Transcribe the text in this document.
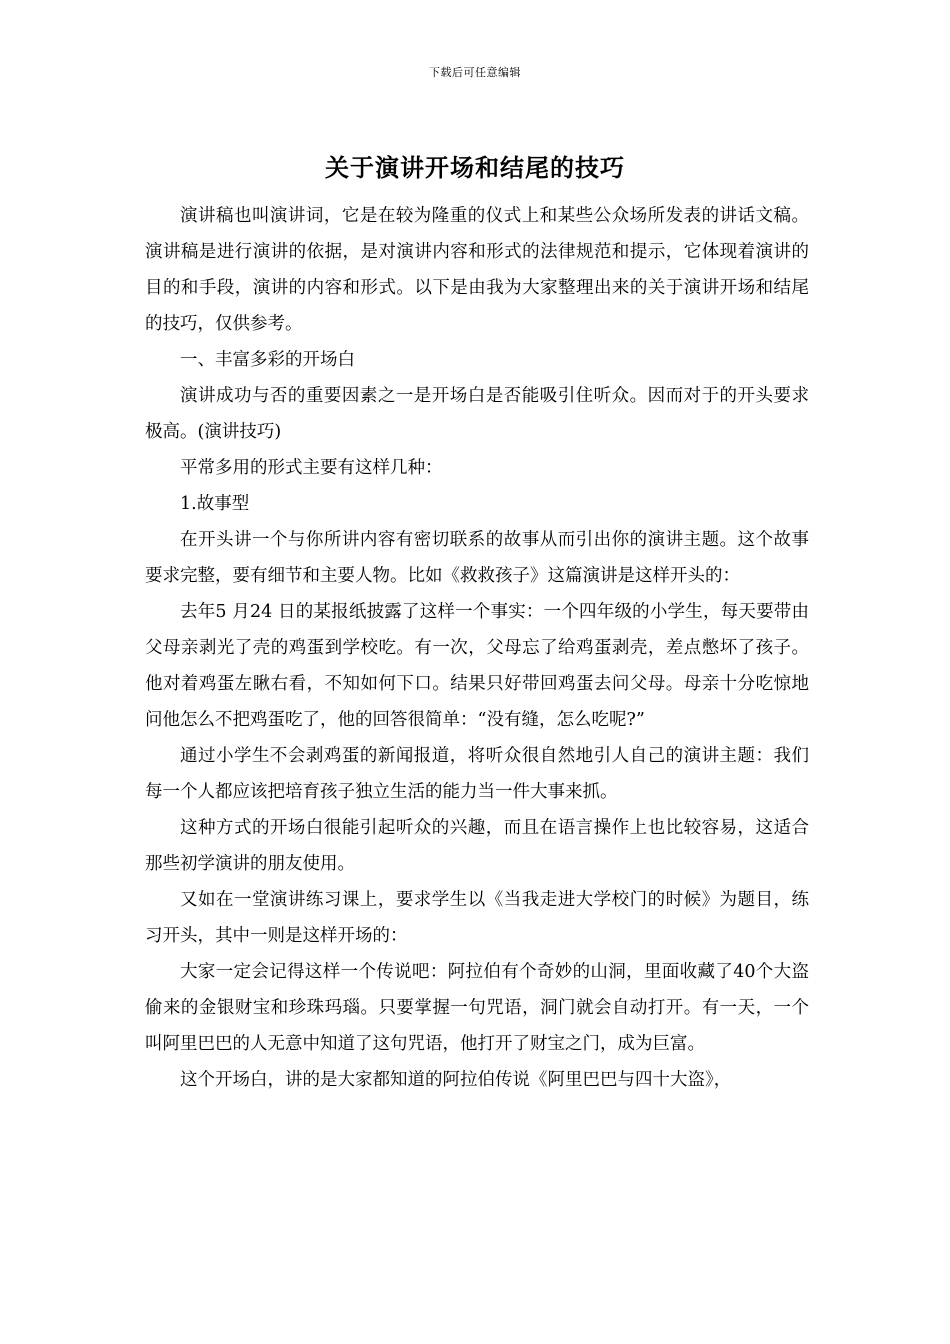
下载后可任意编辑
关于演讲开场和结尾的技巧

演讲稿也叫演讲词，它是在较为隆重的仪式上和某些公众场所发表的讲话文稿。演讲稿是进行演讲的依据，是对演讲内容和形式的法律规范和提示，它体现着演讲的目的和手段，演讲的内容和形式。以下是由我为大家整理出来的关于演讲开场和结尾的技巧，仅供参考。

一、丰富多彩的开场白

演讲成功与否的重要因素之一是开场白是否能吸引住听众。因而对于的开头要求极高。(演讲技巧)

平常多用的形式主要有这样几种：

1.故事型

在开头讲一个与你所讲内容有密切联系的故事从而引出你的演讲主题。这个故事要求完整，要有细节和主要人物。比如《救救孩子》这篇演讲是这样开头的：

去年5 月24 日的某报纸披露了这样一个事实：一个四年级的小学生，每天要带由父母亲剥光了壳的鸡蛋到学校吃。有一次，父母忘了给鸡蛋剥壳，差点憋坏了孩子。他对着鸡蛋左瞅右看，不知如何下口。结果只好带回鸡蛋去问父母。母亲十分吃惊地问他怎么不把鸡蛋吃了，他的回答很简单：“没有缝，怎么吃呢?”

通过小学生不会剥鸡蛋的新闻报道，将听众很自然地引人自己的演讲主题：我们每一个人都应该把培育孩子独立生活的能力当一件大事来抓。

这种方式的开场白很能引起听众的兴趣，而且在语言操作上也比较容易，这适合那些初学演讲的朋友使用。

又如在一堂演讲练习课上，要求学生以《当我走进大学校门的时候》为题目，练习开头，其中一则是这样开场的：

大家一定会记得这样一个传说吧：阿拉伯有个奇妙的山洞，里面收藏了40个大盗偷来的金银财宝和珍珠玛瑙。只要掌握一句咒语，洞门就会自动打开。有一天，一个叫阿里巴巴的人无意中知道了这句咒语，他打开了财宝之门，成为巨富。

这个开场白，讲的是大家都知道的阿拉伯传说《阿里巴巴与四十大盗》，
